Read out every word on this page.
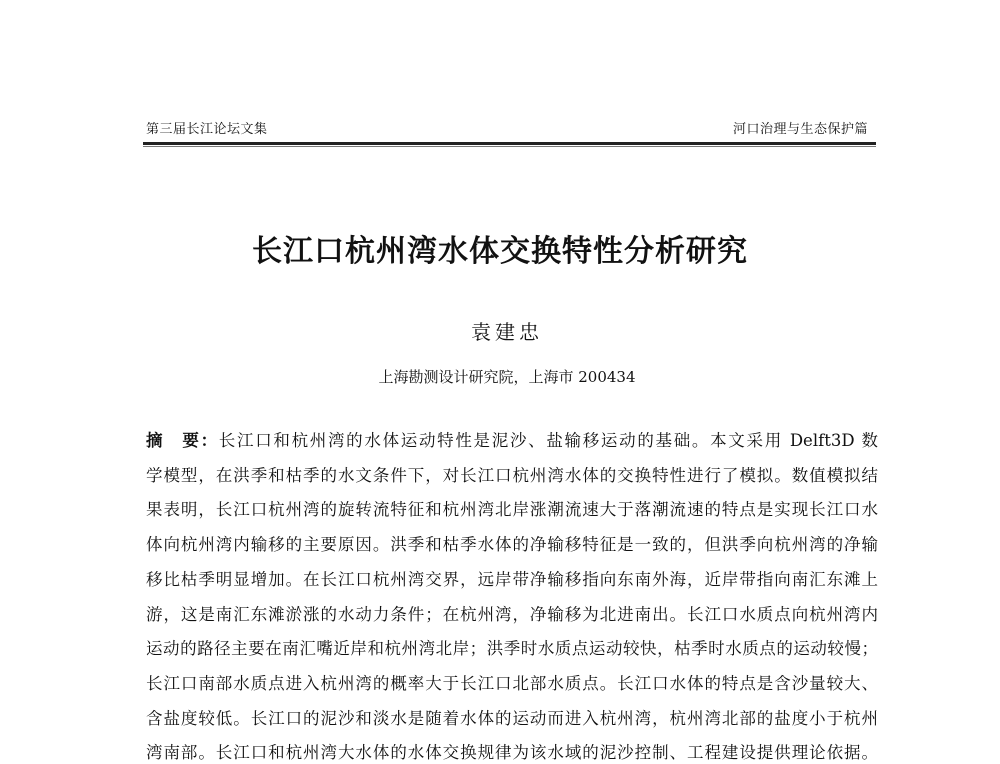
第三届长江论坛文集	河口治理与生态保护篇
长江口杭州湾水体交换特性分析研究
袁建忠
上海勘测设计研究院，上海市 200434
摘　要：长江口和杭州湾的水体运动特性是泥沙、盐输移运动的基础。本文采用 Delft3D 数
学模型，在洪季和枯季的水文条件下，对长江口杭州湾水体的交换特性进行了模拟。数值模拟结
果表明，长江口杭州湾的旋转流特征和杭州湾北岸涨潮流速大于落潮流速的特点是实现长江口水
体向杭州湾内输移的主要原因。洪季和枯季水体的净输移特征是一致的，但洪季向杭州湾的净输
移比枯季明显增加。在长江口杭州湾交界，远岸带净输移指向东南外海，近岸带指向南汇东滩上
游，这是南汇东滩淤涨的水动力条件；在杭州湾，净输移为北进南出。长江口水质点向杭州湾内
运动的路径主要在南汇嘴近岸和杭州湾北岸；洪季时水质点运动较快，枯季时水质点的运动较慢；
长江口南部水质点进入杭州湾的概率大于长江口北部水质点。长江口水体的特点是含沙量较大、
含盐度较低。长江口的泥沙和淡水是随着水体的运动而进入杭州湾，杭州湾北部的盐度小于杭州
湾南部。长江口和杭州湾大水体的水体交换规律为该水域的泥沙控制、工程建设提供理论依据。
